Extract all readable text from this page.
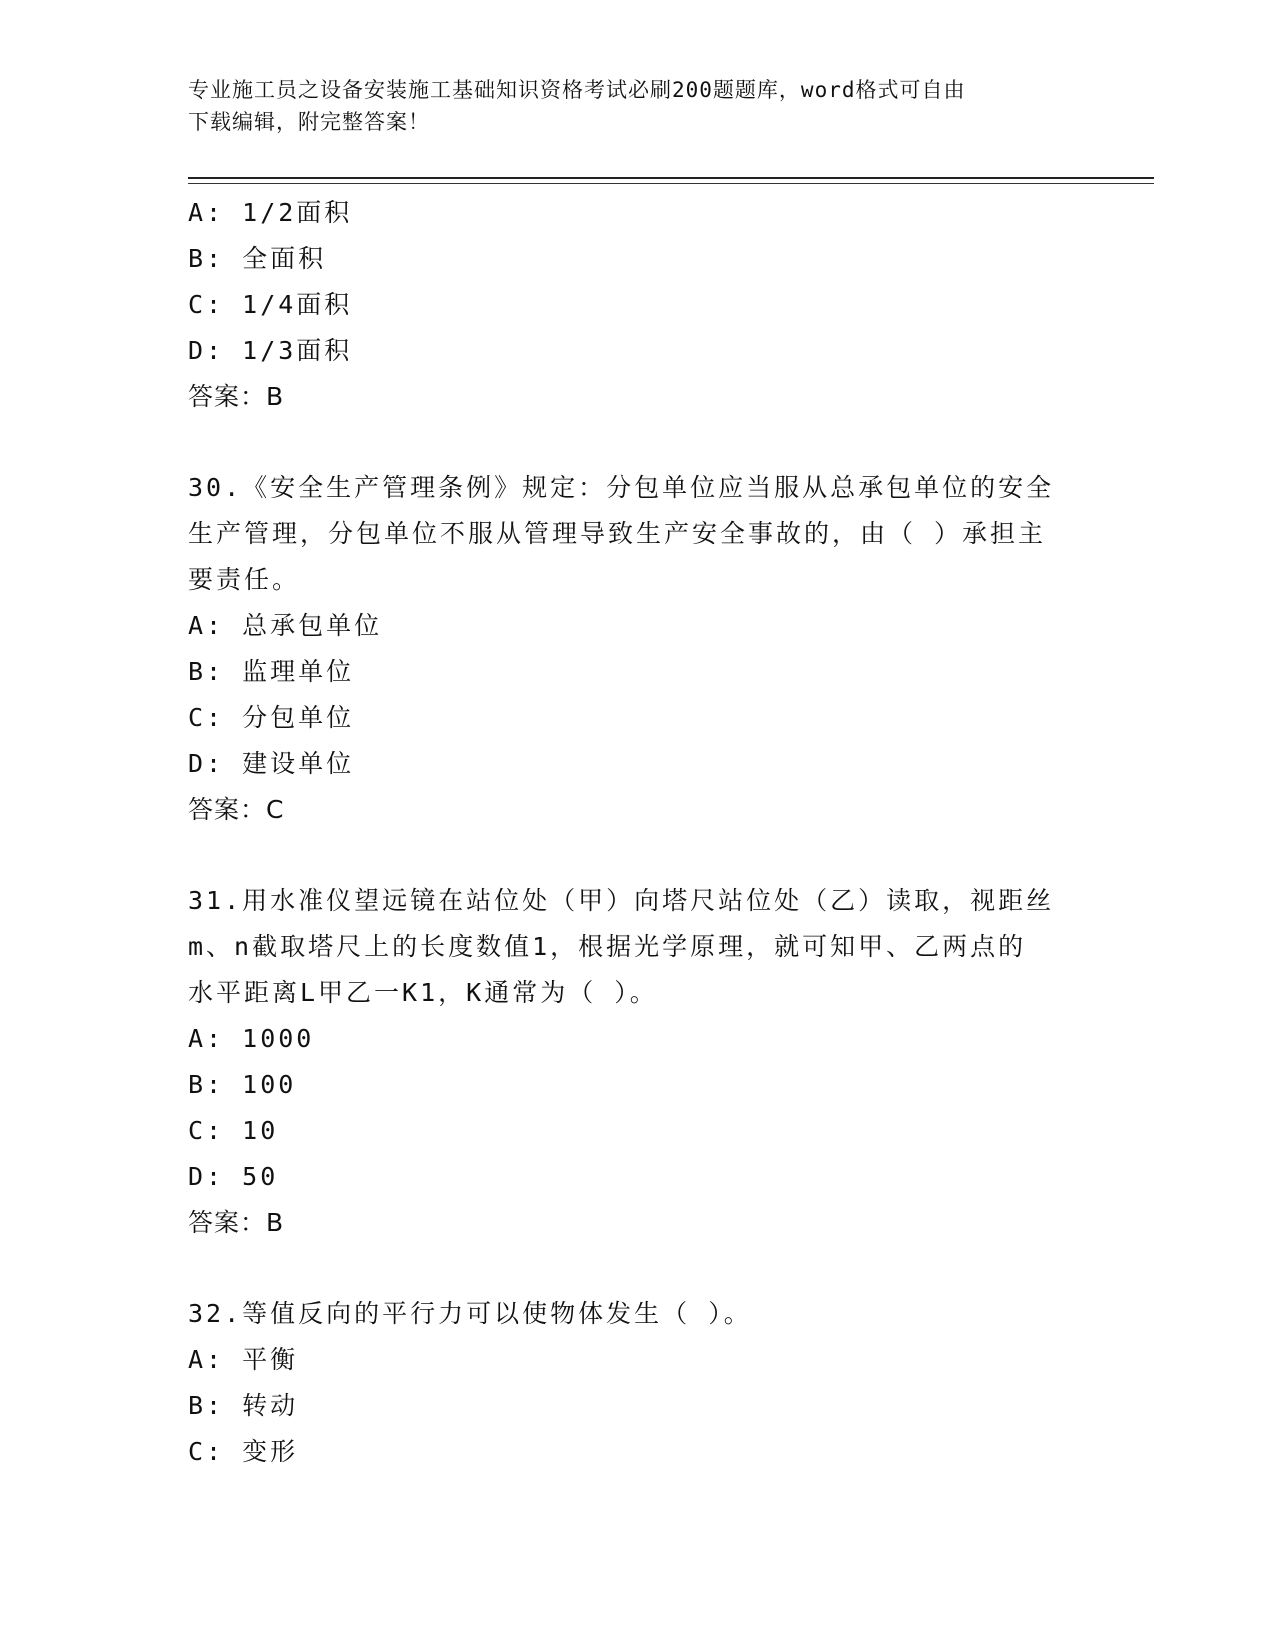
专业施工员之设备安装施工基础知识资格考试必刷200题题库，word格式可自由
下载编辑，附完整答案！
A: 1/2面积
B: 全面积
C: 1/4面积
D: 1/3面积
答案：B
30.《安全生产管理条例》规定：分包单位应当服从总承包单位的安全
生产管理，分包单位不服从管理导致生产安全事故的，由（ ）承担主
要责任。
A: 总承包单位
B: 监理单位
C: 分包单位
D: 建设单位
答案：C
31.用水准仪望远镜在站位处（甲）向塔尺站位处（乙）读取，视距丝
m、n截取塔尺上的长度数值1，根据光学原理，就可知甲、乙两点的
水平距离L甲乙一K1，K通常为（ ）。
A: 1000
B: 100
C: 10
D: 50
答案：B
32.等值反向的平行力可以使物体发生（ ）。
A: 平衡
B: 转动
C: 变形
